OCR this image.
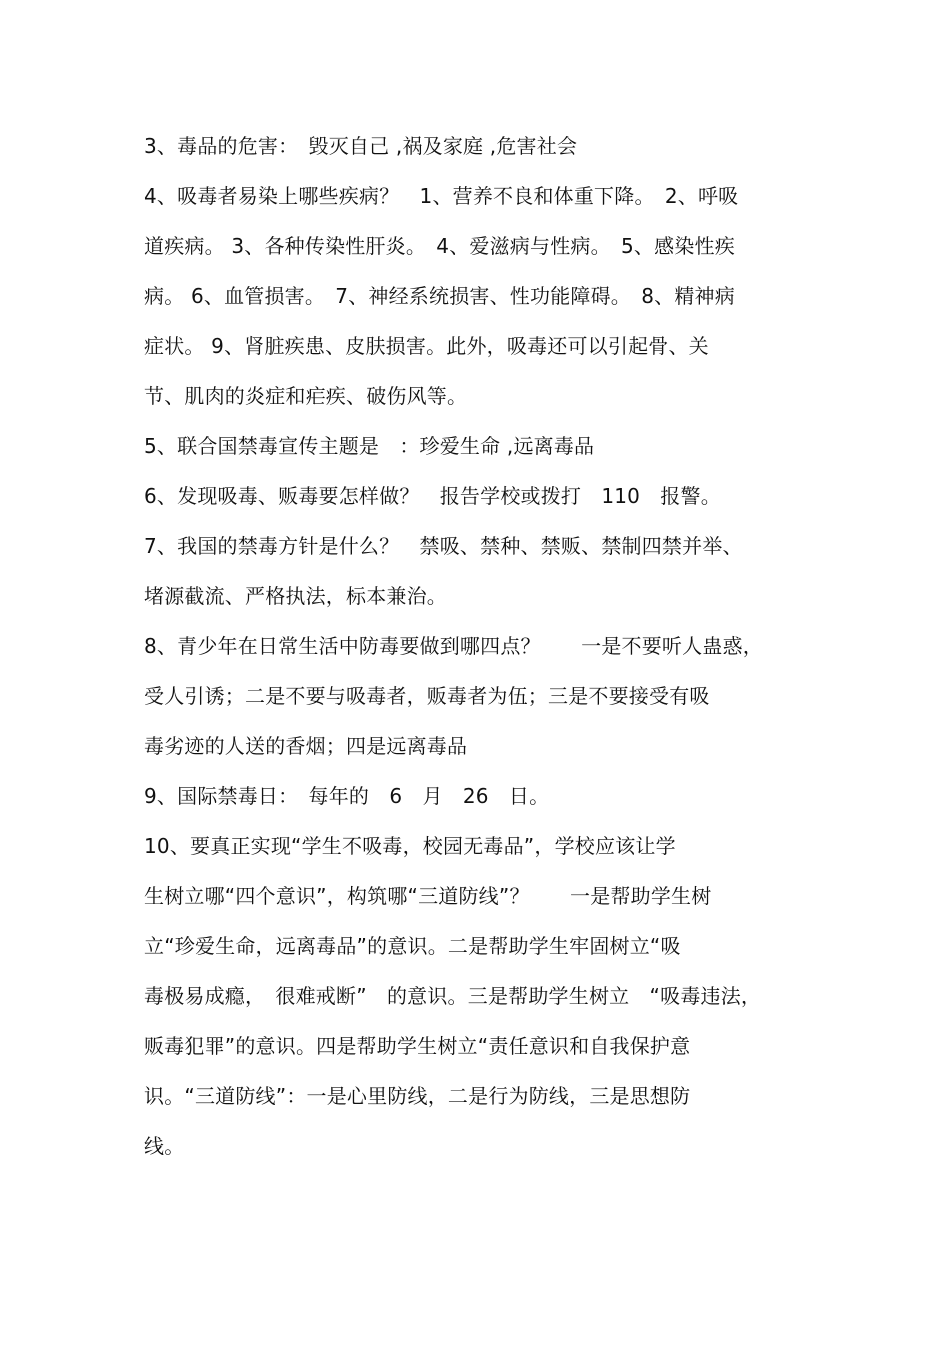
3、毒品的危害：　毁灭自己 ,祸及家庭 ,危害社会
4、吸毒者易染上哪些疾病？　1、营养不良和体重下降。　2、呼吸
道疾病。 3、各种传染性肝炎。　4、爱滋病与性病。　5、感染性疾
病。 6、血管损害。　7、神经系统损害、性功能障碍。　8、精神病
症状。 9、肾脏疾患、皮肤损害。此外，吸毒还可以引起骨、关
节、肌肉的炎症和疟疾、破伤风等。
5、联合国禁毒宣传主题是　：珍爱生命 ,远离毒品
6、发现吸毒、贩毒要怎样做？　报告学校或拨打　110　报警。
7、我国的禁毒方针是什么？　禁吸、禁种、禁贩、禁制四禁并举、
堵源截流、严格执法，标本兼治。
8、青少年在日常生活中防毒要做到哪四点？　　一是不要听人蛊惑，
受人引诱；二是不要与吸毒者，贩毒者为伍；三是不要接受有吸
毒劣迹的人送的香烟；四是远离毒品
9、国际禁毒日：　每年的　6　月　26　日。
10、要真正实现“学生不吸毒，校园无毒品”，学校应该让学
生树立哪“四个意识”，构筑哪“三道防线”？　　一是帮助学生树
立“珍爱生命，远离毒品”的意识。二是帮助学生牢固树立“吸
毒极易成瘾，　很难戒断”　的意识。三是帮助学生树立　“吸毒违法，
贩毒犯罪”的意识。四是帮助学生树立“责任意识和自我保护意
识。“三道防线”：一是心里防线，二是行为防线，三是思想防
线。
